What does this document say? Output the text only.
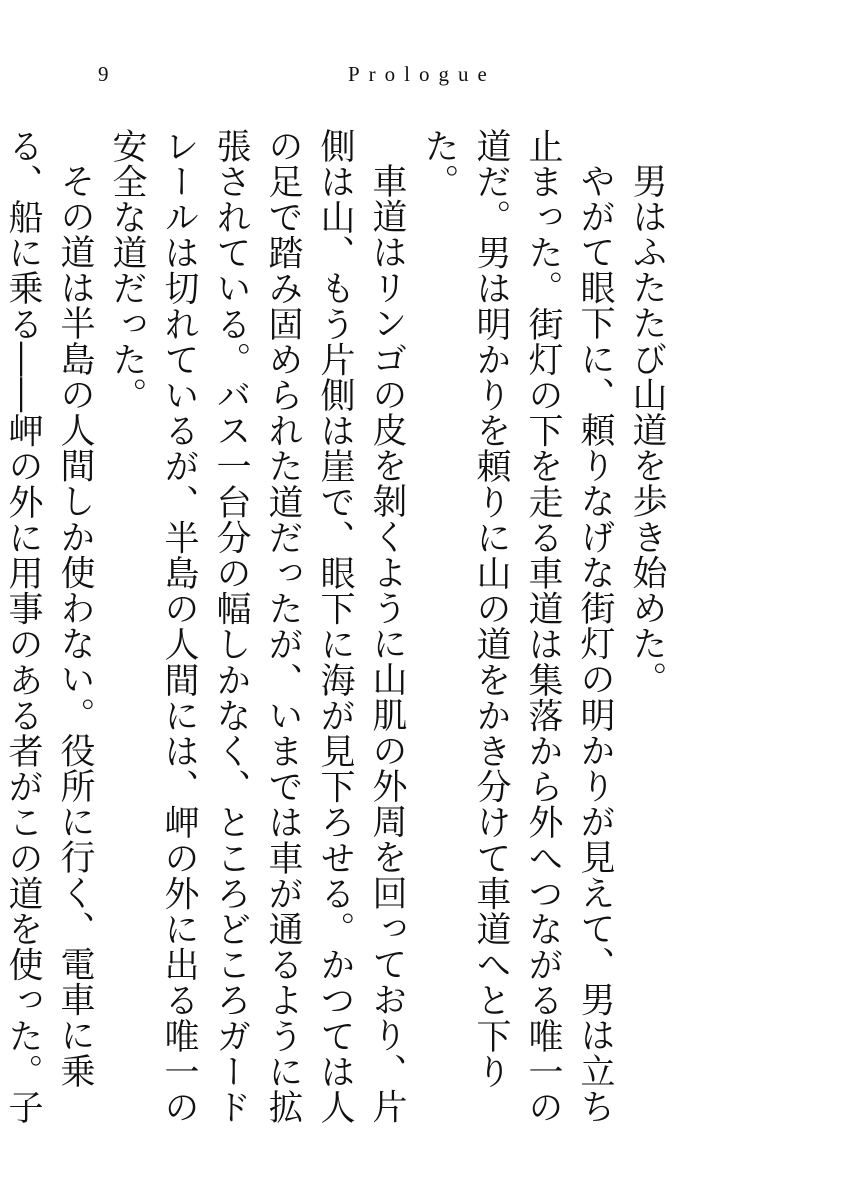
9	Prologue

男はふたたび山道を歩き始めた。

やがて眼下に、頼りなげな街灯の明かりが見えて、男は立ち止まった。街灯の下を走る車道は集落から外へつながる唯一の道だ。男は明かりを頼りに山の道をかき分けて車道へと下りた。

車道はリンゴの皮を剝くように山肌の外周を回っており、片側は山、もう片側は崖で、眼下に海が見下ろせる。かつては人の足で踏み固められた道だったが、いまでは車が通るように拡張されている。バス一台分の幅しかなく、ところどころガードレールは切れているが、半島の人間には、岬の外に出る唯一の安全な道だった。

その道は半島の人間しか使わない。役所に行く、電車に乗る、船に乗る――岬の外に用事のある者がこの道を使った。子
